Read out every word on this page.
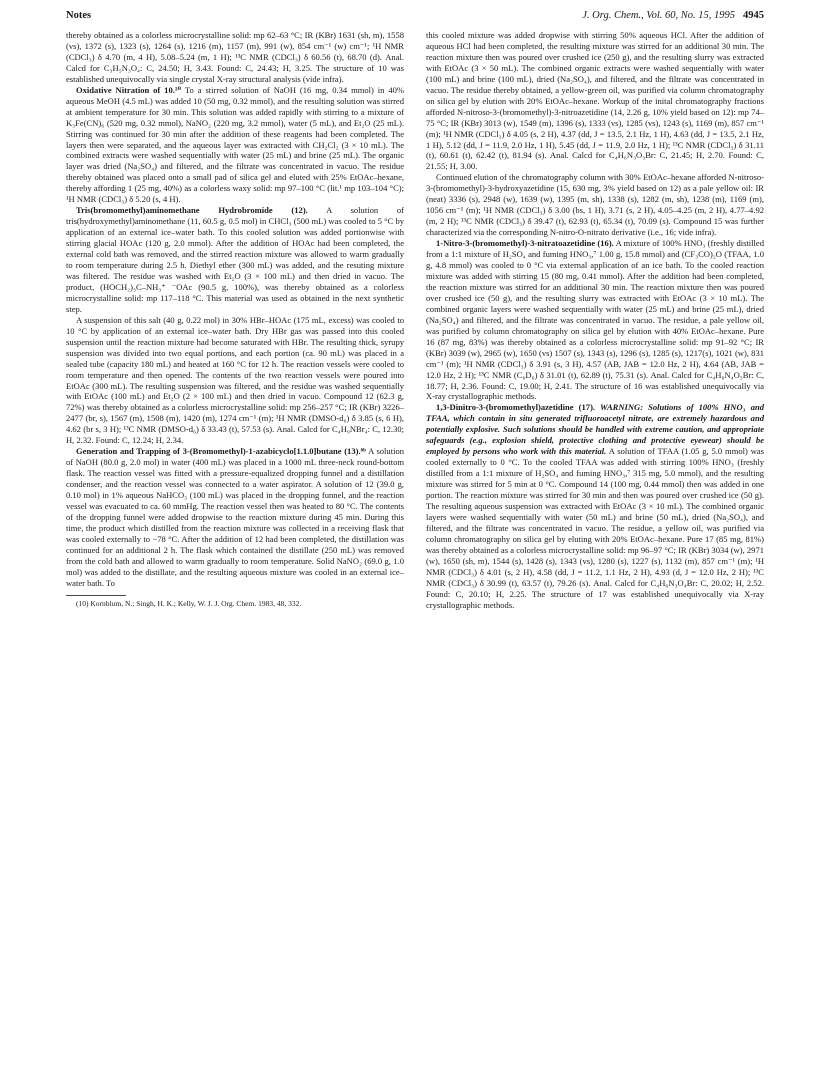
Notes	J. Org. Chem., Vol. 60, No. 15, 1995 4945

thereby obtained as a colorless microcrystalline solid: mp 62–63 °C; IR (KBr) 1631 (sh, m), 1558 (vs), 1372 (s), 1323 (s), 1264 (s), 1216 (m), 1157 (m), 991 (w), 854 cm⁻¹ (w) cm⁻¹; ¹H NMR (CDCl₃) δ 4.70 (m, 4 H), 5.08–5.24 (m, 1 H); ¹³C NMR (CDCl₃) δ 60.56 (t), 68.70 (d). Anal. Calcd for C₃H₅N₃O₄: C, 24.50; H, 3.43. Found: C, 24.43; H, 3.25. The structure of 10 was established unequivocally via single crystal X-ray structural analysis (vide infra).

Oxidative Nitration of 10.¹⁰ To a stirred solution of NaOH (16 mg, 0.34 mmol) in 40% aqueous MeOH (4.5 mL) was added 10 (50 mg, 0.32 mmol), and the resulting solution was stirred at ambient temperature for 30 min. This solution was added rapidly with stirring to a mixture of K₃Fe(CN)₆ (520 mg, 0.32 mmol), NaNO₂ (220 mg, 3.2 mmol), water (5 mL), and Et₂O (25 mL). Stirring was continued for 30 min after the addition of these reagents had been completed. The layers then were separated, and the aqueous layer was extracted with CH₂Cl₂ (3 × 10 mL). The combined extracts were washed sequentially with water (25 mL) and brine (25 mL). The organic layer was dried (Na₂SO₄) and filtered, and the filtrate was concentrated in vacuo. The residue thereby obtained was placed onto a small pad of silica gel and eluted with 25% EtOAc–hexane, thereby affording 1 (25 mg, 40%) as a colorless waxy solid: mp 97–100 °C (lit.¹ mp 103–104 °C); ¹H NMR (CDCl₃) δ 5.20 (s, 4 H).

Tris(bromomethyl)aminomethane Hydrobromide (12). A solution of tris(hydroxymethyl)aminomethane (11, 60.5 g, 0.5 mol) in CHCl₃ (500 mL) was cooled to 5 °C by application of an external ice–water bath. To this cooled solution was added portionwise with stirring glacial HOAc (120 g, 2.0 mmol). After the addition of HOAc had been completed, the external cold bath was removed, and the stirred reaction mixture was allowed to warm gradually to room temperature during 2.5 h. Diethyl ether (300 mL) was added, and the resuting mixture was filtered. The residue was washed with Et₂O (3 × 100 mL) and then dried in vacuo. The product, (HOCH₂)₃C–NH₃⁺ ⁻OAc (90.5 g, 100%), was thereby obtained as a colorless microcrystalline solid: mp 117–118 °C. This material was used as obtained in the next synthetic step.

A suspension of this salt (40 g, 0.22 mol) in 30% HBr–HOAc (175 mL, excess) was cooled to 10 °C by application of an external ice–water bath. Dry HBr gas was passed into this cooled suspension until the reaction mixture had become saturated with HBr. The resulting thick, syrupy suspension was divided into two equal portions, and each portion (ca. 90 mL) was placed in a sealed tube (capacity 180 mL) and heated at 160 °C for 12 h. The reaction vessels were cooled to room temperature and then opened. The contents of the two reaction vessels were poured into EtOAc (300 mL). The resulting suspension was filtered, and the residue was washed sequentially with EtOAc (100 mL) and Et₂O (2 × 100 mL) and then dried in vacuo. Compound 12 (62.3 g, 72%) was thereby obtained as a colorless microcrystalline solid: mp 256–257 °C; IR (KBr) 3226–2477 (br, s), 1567 (m), 1508 (m), 1420 (m), 1274 cm⁻¹ (m); ¹H NMR (DMSO-d₆) δ 3.85 (s, 6 H), 4.62 (br s, 3 H); ¹³C NMR (DMSO-d₆) δ 33.43 (t), 57.53 (s). Anal. Calcd for C₄H₉NBr₄: C, 12.30; H, 2.32. Found: C, 12.24; H, 2.34.

Generation and Trapping of 3-(Bromomethyl)-1-azabicyclo[1.1.0]butane (13).⁶ᵇ A solution of NaOH (80.0 g, 2.0 mol) in water (400 mL) was placed in a 1000 mL three-neck round-bottom flask. The reaction vessel was fitted with a pressure-equalized dropping funnel and a distillation condenser, and the reaction vessel was connected to a water aspirator. A solution of 12 (39.0 g, 0.10 mol) in 1% aqueous NaHCO₃ (100 mL) was placed in the dropping funnel, and the reaction vessel was evacuated to ca. 60 mmHg. The reaction vessel then was heated to 80 °C. The contents of the dropping funnel were added dropwise to the reaction mixture during 45 min. During this time, the product which distilled from the reaction mixture was collected in a receiving flask that was cooled externally to −78 °C. After the addition of 12 had been completed, the distillation was continued for an additional 2 h. The flask which contained the distillate (250 mL) was removed from the cold bath and allowed to warm gradually to room temperature. Solid NaNO₂ (69.0 g, 1.0 mol) was added to the distillate, and the resulting aqueous mixture was cooled in an external ice–water bath. To

(10) Kornblum, N.; Singh, H. K.; Kelly, W. J. J. Org. Chem. 1983, 48, 332.

this cooled mixture was added dropwise with stirring 50% aqueous HCl. After the addition of aqueous HCl had been completed, the resulting mixture was stirred for an additional 30 min. The reaction mixture then was poured over crushed ice (250 g), and the resulting slurry was extracted with EtOAc (3 × 50 mL). The combined organic extracts were washed sequentially with water (100 mL) and brine (100 mL), dried (Na₂SO₄), and filtered, and the filtrate was concentrated in vacuo. The residue thereby obtained, a yellow-green oil, was purified via column chromatography on silica gel by elution with 20% EtOAc–hexane. Workup of the inital chromatography fractions afforded N-nitroso-3-(bromomethyl)-3-nitroazetidine (14, 2.26 g, 10% yield based on 12): mp 74–75 °C; IR (KBr) 3013 (w), 1549 (m), 1396 (s), 1333 (vs), 1285 (vs), 1243 (s), 1169 (m), 857 cm⁻¹ (m); ¹H NMR (CDCl₃) δ 4.05 (s, 2 H), 4.37 (dd, J = 13.5, 2.1 Hz, 1 H), 4.63 (dd, J = 13.5, 2.1 Hz, 1 H), 5.12 (dd, J = 11.9, 2.0 Hz, 1 H), 5.45 (dd, J = 11.9, 2.0 Hz, 1 H); ¹³C NMR (CDCl₃) δ 31.11 (t), 60.61 (t), 62.42 (t), 81.94 (s). Anal. Calcd for C₄H₆N₃O₃Br: C, 21.45; H, 2.70. Found: C, 21.55; H, 3.00.

Continued elution of the chromatography column with 30% EtOAc–hexane afforded N-nitroso-3-(bromomethyl)-3-hydroxyazetidine (15, 630 mg, 3% yield based on 12) as a pale yellow oil: IR (neat) 3336 (s), 2948 (w), 1639 (w), 1395 (m, sh), 1338 (s), 1282 (m, sh), 1238 (m), 1169 (m), 1056 cm⁻¹ (m); ¹H NMR (CDCl₃) δ 3.00 (bs, 1 H), 3.71 (s, 2 H), 4.05–4.25 (m, 2 H), 4.77–4.92 (m, 2 H); ¹³C NMR (CDCl₃) δ 39.47 (t), 62.93 (t), 65.34 (t), 70.09 (s). Compound 15 was further characterized via the corresponding N-nitro-O-nitrato derivative (i.e., 16; vide infra).

1-Nitro-3-(bromomethyl)-3-nitratoazetidine (16). A mixture of 100% HNO₃ (freshly distilled from a 1:1 mixture of H₂SO₄ and fuming HNO₃,⁷ 1.00 g, 15.8 mmol) and (CF₃CO)₂O (TFAA, 1.0 g, 4.8 mmol) was cooled to 0 °C via external application of an ice bath. To the cooled reaction mixture was added with stirring 15 (80 mg, 0.41 mmol). After the addition had been completed, the reaction mixture was stirred for an additional 30 min. The reaction mixture then was poured over crushed ice (50 g), and the resulting slurry was extracted with EtOAc (3 × 10 mL). The combined organic layers were washed sequentially with water (25 mL) and brine (25 mL), dried (Na₂SO₄) and filtered, and the filtrate was concentrated in vacuo. The residue, a pale yellow oil, was purified by column chromatography on silica gel by elution with 40% EtOAc–hexane. Pure 16 (87 mg, 83%) was thereby obtained as a colorless microcrystalline solid: mp 91–92 °C; IR (KBr) 3039 (w), 2965 (w), 1650 (vs) 1507 (s), 1343 (s), 1296 (s), 1285 (s), 1217(s), 1021 (w), 831 cm⁻¹ (m); ¹H NMR (CDCl₃) δ 3.91 (s, 3 H), 4.57 (AB, JAB = 12.0 Hz, 2 H), 4.64 (AB, JAB = 12.0 Hz, 2 H); ¹³C NMR (C₆D₆) δ 31.01 (t), 62.89 (t), 75.31 (s). Anal. Calcd for C₄H₆N₄O₅Br: C, 18.77; H, 2.36. Found: C, 19.00; H, 2.41. The structure of 16 was established unequivocally via X-ray crystallographic methods.

1,3-Dinitro-3-(bromomethyl)azetidine (17). WARNING: Solutions of 100% HNO₃ and TFAA, which contain in situ generated trifluoroacetyl nitrate, are extremely hazardous and potentially explosive. Such solutions should be handled with extreme caution, and appropriate safeguards (e.g., explosion shield, protective clothing and protective eyewear) should be employed by persons who work with this material. A solution of TFAA (1.05 g, 5.0 mmol) was cooled externally to 0 °C. To the cooled TFAA was added with stirring 100% HNO₃ (freshly distilled from a 1:1 mixture of H₂SO₄ and fuming HNO₃,⁷ 315 mg, 5.0 mmol), and the resulting mixture was stirred for 5 min at 0 °C. Compound 14 (100 mg, 0.44 mmol) then was added in one portion. The reaction mixture was stirred for 30 min and then was poured over crushed ice (50 g). The resulting aqueous suspension was extracted with EtOAc (3 × 10 mL). The combined organic layers were washed sequentially with water (50 mL) and brine (50 mL), dried (Na₂SO₄), and filtered, and the filtrate was concentrated in vacuo. The residue, a yellow oil, was purified via column chromatography on silica gel by eluting with 20% EtOAc–hexane. Pure 17 (85 mg, 81%) was thereby obtained as a colorless microcrystalline solid: mp 96–97 °C; IR (KBr) 3034 (w), 2971 (w), 1650 (sh, m), 1544 (s), 1428 (s), 1343 (vs), 1280 (s), 1227 (s), 1132 (m), 857 cm⁻¹ (m); ¹H NMR (CDCl₃) δ 4.01 (s, 2 H), 4.58 (dd, J = 11.2, 1.1 Hz, 2 H), 4.93 (d, J = 12.0 Hz, 2 H); ¹³C NMR (CDCl₃) δ 30.99 (t), 63.57 (t), 79.26 (s). Anal. Calcd for C₄H₆N₃O₄Br: C, 20.02; H, 2.52. Found: C, 20.10; H, 2.25. The structure of 17 was established unequivocally via X-ray crystallographic methods.
